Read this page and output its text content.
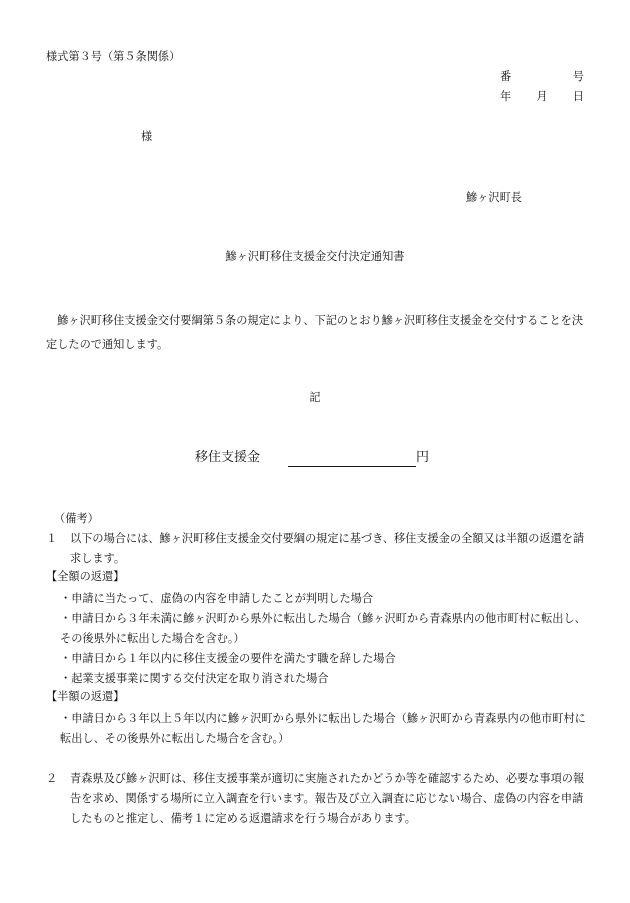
様式第３号（第５条関係）
番	号
年 月 日
様
鰺ヶ沢町長
鰺ヶ沢町移住支援金交付決定通知書
鰺ヶ沢町移住支援金交付要綱第５条の規定により、下記のとおり鰺ヶ沢町移住支援金を交付することを決定したので通知します。
記
移住支援金	円
（備考）
１	以下の場合には、鰺ヶ沢町移住支援金交付要綱の規定に基づき、移住支援金の全額又は半額の返還を請求します。
【全額の返還】
・申請に当たって、虚偽の内容を申請したことが判明した場合
・申請日から３年未満に鰺ヶ沢町から県外に転出した場合（鰺ヶ沢町から青森県内の他市町村に転出し、その後県外に転出した場合を含む。）
・申請日から１年以内に移住支援金の要件を満たす職を辞した場合
・起業支援事業に関する交付決定を取り消された場合
【半額の返還】
・申請日から３年以上５年以内に鰺ヶ沢町から県外に転出した場合（鰺ヶ沢町から青森県内の他市町村に転出し、その後県外に転出した場合を含む。）
２	青森県及び鰺ヶ沢町は、移住支援事業が適切に実施されたかどうか等を確認するため、必要な事項の報告を求め、関係する場所に立入調査を行います。報告及び立入調査に応じない場合、虚偽の内容を申請したものと推定し、備考１に定める返還請求を行う場合があります。
